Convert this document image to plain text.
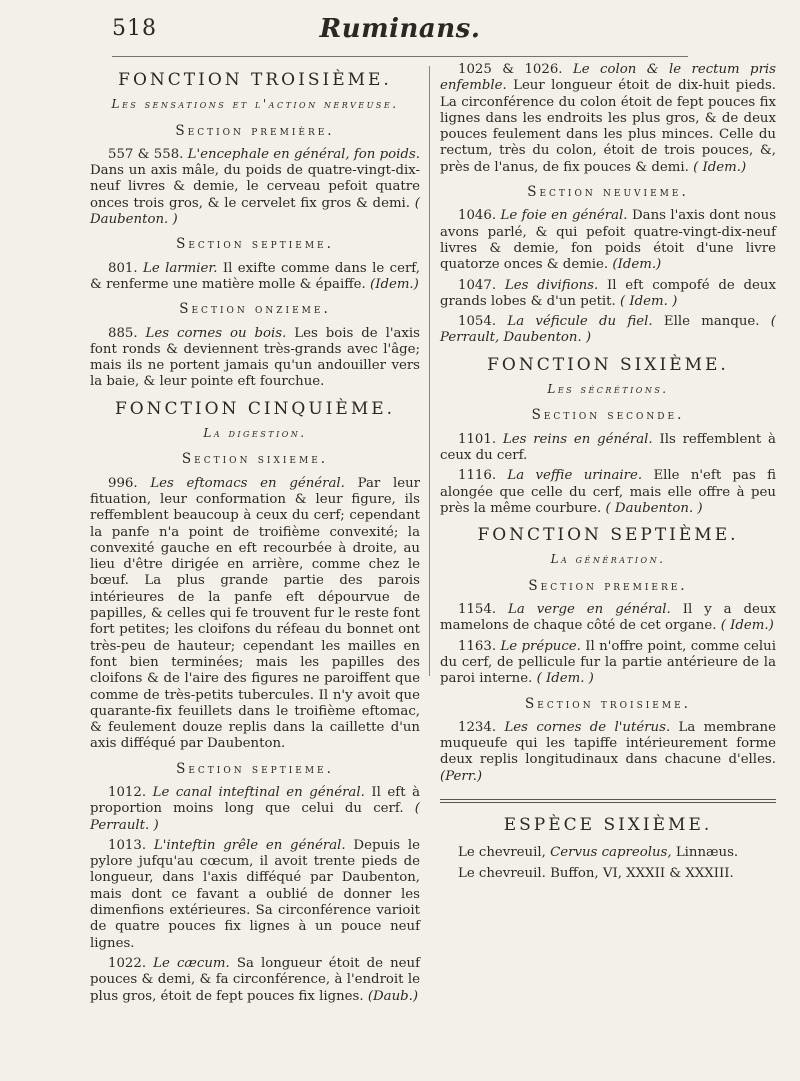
518	Ruminans.
FONCTION TROISIÈME.
Les sensations et l'action nerveuse.
Section première.

557 & 558. L'encephale en général, fon poids. Dans un axis mâle, du poids de quatre-vingt-dix-neuf livres & demie, le cerveau pefoit quatre onces trois gros, & le cervelet fix gros & demi. ( Daubenton. )

Section septieme.

801. Le larmier. Il exifte comme dans le cerf, & renferme une matière molle & épaiffe. (Idem.)

Section onzieme.

885. Les cornes ou bois. Les bois de l'axis font ronds & deviennent très-grands avec l'âge; mais ils ne portent jamais qu'un andouiller vers la baie, & leur pointe eft fourchue.

FONCTION CINQUIÈME.
La digestion.
Section sixieme.

996. Les eftomacs en général. Par leur fituation, leur conformation & leur figure, ils reffemblent beaucoup à ceux du cerf; cependant la panfe n'a point de troifième convexité; la convexité gauche en eft recourbée à droite, au lieu d'être dirigée en arrière, comme chez le bœuf. La plus grande partie des parois intérieures de la panfe eft dépourvue de papilles, & celles qui fe trouvent fur le reste font fort petites; les cloifons du réfeau du bonnet ont très-peu de hauteur; cependant les mailles en font bien terminées; mais les papilles des cloifons & de l'aire des figures ne paroiffent que comme de très-petits tubercules. Il n'y avoit que quarante-fix feuillets dans le troifième eftomac, & feulement douze replis dans la caillette d'un axis difféqué par Daubenton.

Section septieme.

1012. Le canal inteftinal en général. Il eft à proportion moins long que celui du cerf. ( Perrault. )

1013. L'inteftin grêle en général. Depuis le pylore jufqu'au cœcum, il avoit trente pieds de longueur, dans l'axis difféqué par Daubenton, mais dont ce favant a oublié de donner les dimenfions extérieures. Sa circonférence varioit de quatre pouces fix lignes à un pouce neuf lignes.

1022. Le cæcum. Sa longueur étoit de neuf pouces & demi, & fa circonférence, à l'endroit le plus gros, étoit de fept pouces fix lignes. (Daub.)

1025 & 1026. Le colon & le rectum pris enfemble. Leur longueur étoit de dix-huit pieds. La circonférence du colon étoit de fept pouces fix lignes dans les endroits les plus gros, & de deux pouces feulement dans les plus minces. Celle du rectum, très du colon, étoit de trois pouces, &, près de l'anus, de fix pouces & demi. ( Idem.)

Section neuvieme.

1046. Le foie en général. Dans l'axis dont nous avons parlé, & qui pefoit quatre-vingt-dix-neuf livres & demie, fon poids étoit d'une livre quatorze onces & demie. (Idem.)

1047. Les divifions. Il eft compofé de deux grands lobes & d'un petit. ( Idem. )

1054. La véficule du fiel. Elle manque. ( Perrault, Daubenton. )

FONCTION SIXIÈME.
Les sécrétions.
Section seconde.

1101. Les reins en général. Ils reffemblent à ceux du cerf.

1116. La veffie urinaire. Elle n'eft pas fi alongée que celle du cerf, mais elle offre à peu près la même courbure. ( Daubenton. )

FONCTION SEPTIÈME.
La génération.
Section premiere.

1154. La verge en général. Il y a deux mamelons de chaque côté de cet organe. ( Idem.)

1163. Le prépuce. Il n'offre point, comme celui du cerf, de pellicule fur la partie antérieure de la paroi interne. ( Idem. )

Section troisieme.

1234. Les cornes de l'utérus. La membrane muqueufe qui les tapiffe intérieurement forme deux replis longitudinaux dans chacune d'elles. (Perr.)

ESPÈCE SIXIÈME.

Le chevreuil, Cervus capreolus, Linnæus.

Le chevreuil. Buffon, VI, XXXII & XXXIII.
